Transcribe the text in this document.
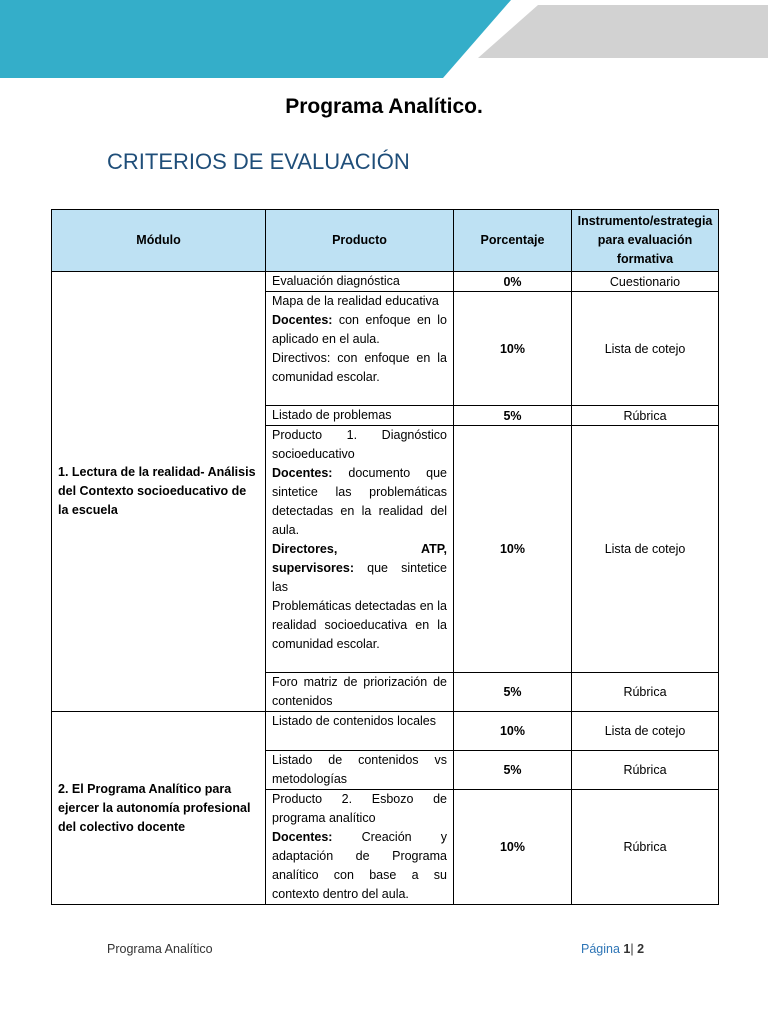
Programa Analítico.
CRITERIOS DE EVALUACIÓN
Módulo	Producto	Porcentaje	Instrumento/estrategia para evaluación formativa
1. Lectura de la realidad- Análisis del Contexto socioeducativo de la escuela	Evaluación diagnóstica	0%	Cuestionario

	Mapa de la realidad educativa
Docentes: con enfoque en lo aplicado en el aula.
Directivos: con enfoque en la comunidad escolar.	10%	Lista de cotejo

	Listado de problemas	5%	Rúbrica

	Producto 1. Diagnóstico socioeducativo
Docentes: documento que sintetice las problemáticas detectadas en la realidad del aula.
Directores, ATP, supervisores: que sintetice las
Problemáticas detectadas en la realidad socioeducativa en la comunidad escolar.	10%	Lista de cotejo

	Foro matriz de priorización de contenidos	5%	Rúbrica
2. El Programa Analítico para ejercer la autonomía profesional del colectivo docente	Listado de contenidos locales	10%	Lista de cotejo

	Listado de contenidos vs metodologías	5%	Rúbrica

	Producto 2. Esbozo de programa analítico
Docentes: Creación y adaptación de Programa analítico con base a su contexto dentro del aula.	10%	Rúbrica
Programa Analítico	Página 1| 2
